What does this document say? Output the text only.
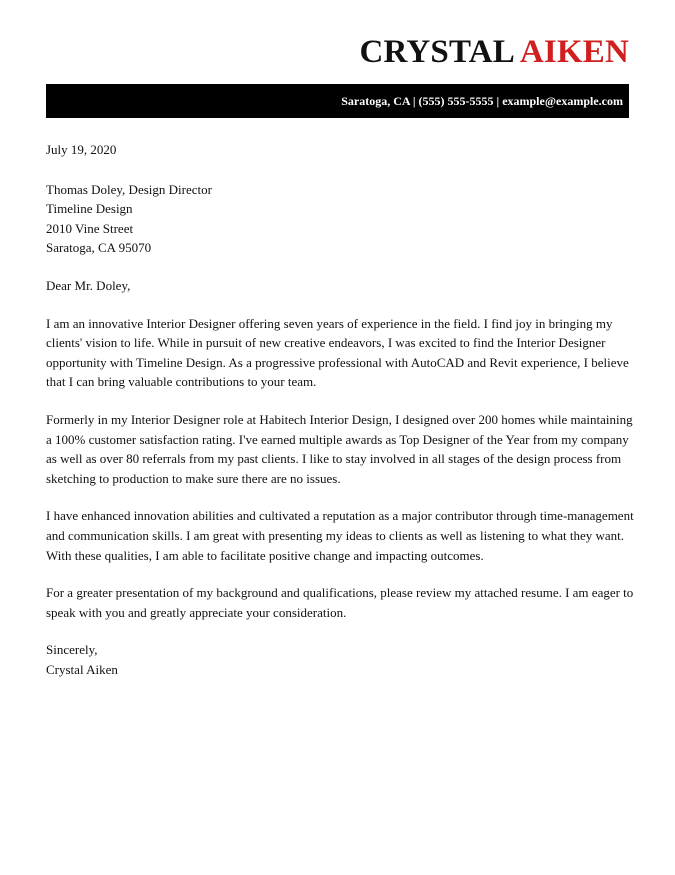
CRYSTAL AIKEN
Saratoga, CA | (555) 555-5555 | example@example.com

July 19, 2020

Thomas Doley, Design Director

Timeline Design

2010 Vine Street

Saratoga, CA 95070

Dear Mr. Doley,

I am an innovative Interior Designer offering seven years of experience in the field. I find joy in bringing my clients' vision to life. While in pursuit of new creative endeavors, I was excited to find the Interior Designer opportunity with Timeline Design. As a progressive professional with AutoCAD and Revit experience, I believe that I can bring valuable contributions to your team.

Formerly in my Interior Designer role at Habitech Interior Design, I designed over 200 homes while maintaining a 100% customer satisfaction rating. I've earned multiple awards as Top Designer of the Year from my company as well as over 80 referrals from my past clients. I like to stay involved in all stages of the design process from sketching to production to make sure there are no issues.

I have enhanced innovation abilities and cultivated a reputation as a major contributor through time-management and communication skills. I am great with presenting my ideas to clients as well as listening to what they want. With these qualities, I am able to facilitate positive change and impacting outcomes.

For a greater presentation of my background and qualifications, please review my attached resume. I am eager to speak with you and greatly appreciate your consideration.

Sincerely,

Crystal Aiken
